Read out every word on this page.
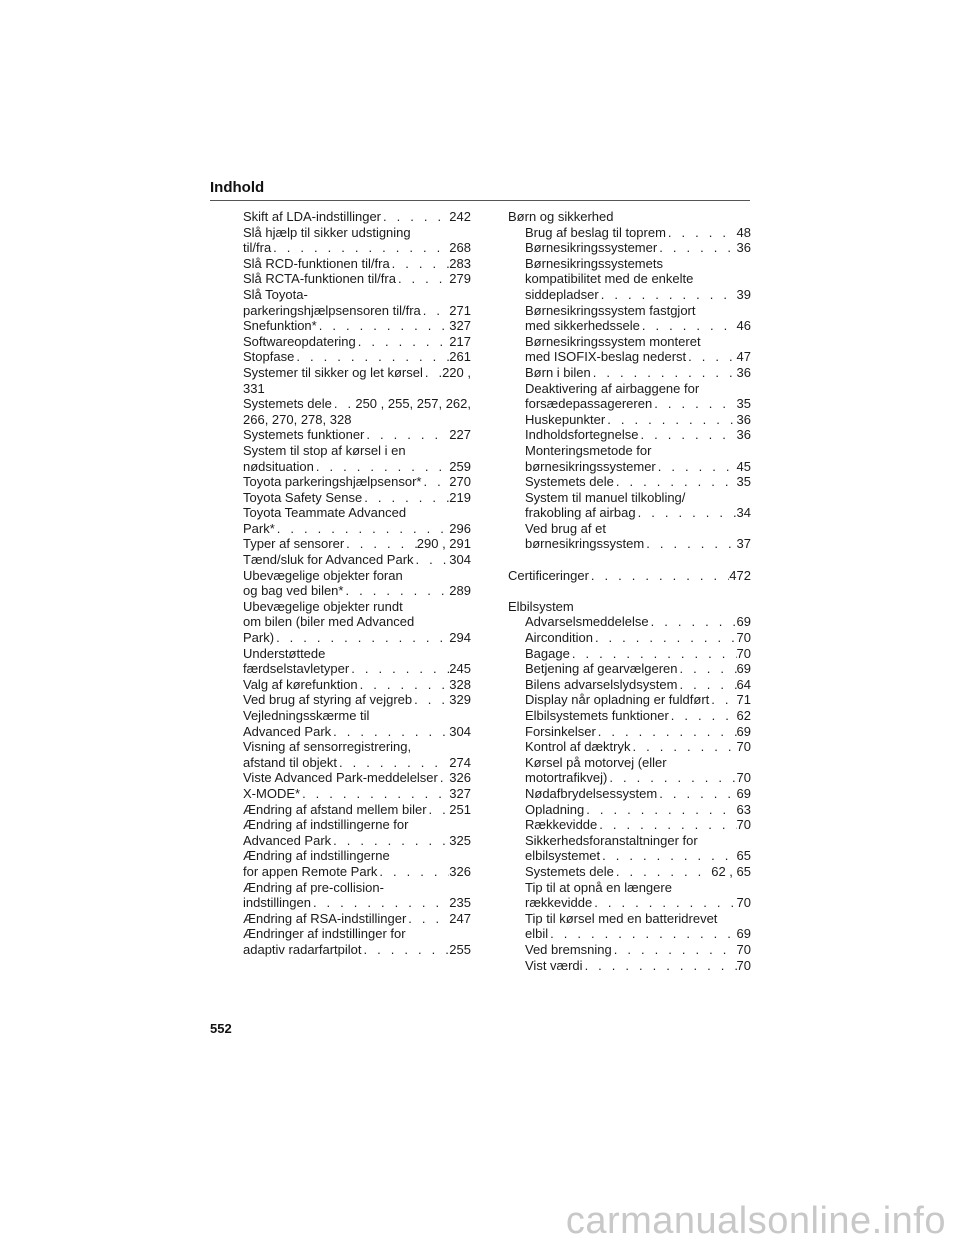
Indhold
Skift af LDA-indstillinger . . .	242
Slå hjælp til sikker udstigning
til/fra . . .	268
Slå RCD-funktionen til/fra . . .	283
Slå RCTA-funktionen til/fra . . .	279
Slå Toyota-
parkeringshjælpsensoren til/fra . . . 271
Snefunktion* . . .	327
Softwareopdatering . . .	217
Stopfase . . .	261
Systemer til sikker og let kørsel . . . 220 ,
331
Systemets dele . . . 250 , 255, 257, 262,
266, 270, 278, 328
Systemets funktioner . . .	227
System til stop af kørsel i en
nødsituation . . .	259
Toyota parkeringshjælpsensor* . . . 270
Toyota Safety Sense . . .	219
Toyota Teammate Advanced
Park* . . .	296
Typer af sensorer . . .	290 , 291
Tænd/sluk for Advanced Park . . .	304
Ubevægelige objekter foran
og bag ved bilen* . . .	289
Ubevægelige objekter rundt
om bilen (biler med Advanced
Park) . . .	294
Understøttede
færdselstavletyper . . .	245
Valg af kørefunktion . . .	328
Ved brug af styring af vejgreb . . .	329
Vejledningsskærme til
Advanced Park . . .	304
Visning af sensorregistrering,
afstand til objekt . . .	274
Viste Advanced Park-meddelelser . . . 326
X-MODE* . . .	327
Ændring af afstand mellem biler . . . 251
Ændring af indstillingerne for
Advanced Park . . .	325
Ændring af indstillingerne
for appen Remote Park . . .	326
Ændring af pre-collision-
indstillingen . . .	235
Ændring af RSA-indstillinger . . .	247
Ændringer af indstillinger for
adaptiv radarfartpilot . . .	255
Børn og sikkerhed
Brug af beslag til toprem . . .	48
Børnesikringssystemer . . .	36
Børnesikringssystemets
kompatibilitet med de enkelte
siddepladser . . .	39
Børnesikringssystem fastgjort
med sikkerhedssele . . .	46
Børnesikringssystem monteret
med ISOFIX-beslag nederst . . .	47
Børn i bilen . . .	36
Deaktivering af airbaggene for
forsædepassagereren . . .	35
Huskepunkter . . .	36
Indholdsfortegnelse . . .	36
Monteringsmetode for
børnesikringssystemer . . .	45
Systemets dele . . .	35
System til manuel tilkobling/
frakobling af airbag . . .	34
Ved brug af et
børnesikringssystem . . .	37
Certificeringer . . .	472
Elbilsystem
Advarselsmeddelelse . . .	69
Aircondition . . .	70
Bagage . . .	70
Betjening af gearvælgeren . . .	69
Bilens advarselslydsystem . . .	64
Display når opladning er fuldført . . . 71
Elbilsystemets funktioner . . .	62
Forsinkelser . . .	69
Kontrol af dæktryk . . .	70
Kørsel på motorvej (eller
motortrafikvej) . . .	70
Nødafbrydelsessystem . . .	69
Opladning . . .	63
Rækkevidde . . .	70
Sikkerhedsforanstaltninger for
elbilsystemet . . .	65
Systemets dele . . .	62 , 65
Tip til at opnå en længere
rækkevidde . . .	70
Tip til kørsel med en batteridrevet
elbil . . .	69
Ved bremsning . . .	70
Vist værdi . . .	70
552
carmanualsonline.info
